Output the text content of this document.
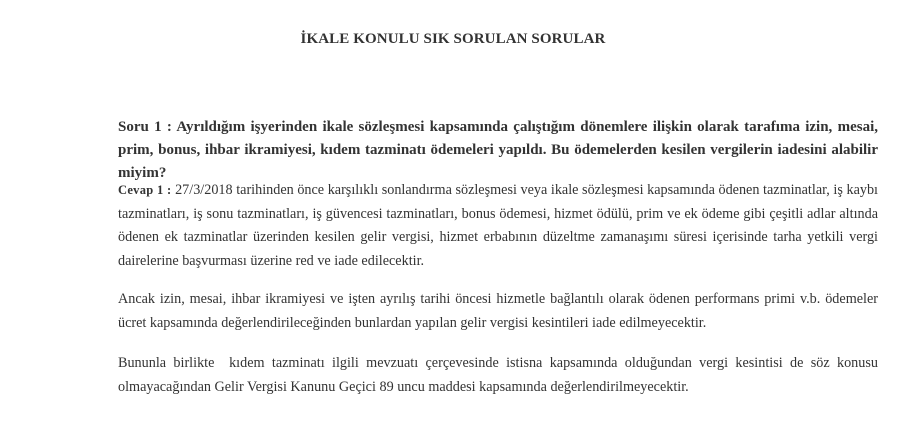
İKALE KONULU SIK SORULAN SORULAR
Soru 1 : Ayrıldığım işyerinden ikale sözleşmesi kapsamında çalıştığım dönemlere ilişkin olarak tarafıma izin, mesai, prim, bonus, ihbar ikramiyesi, kıdem tazminatı ödemeleri yapıldı. Bu ödemelerden kesilen vergilerin iadesini alabilir miyim?
Cevap 1 : 27/3/2018 tarihinden önce karşılıklı sonlandırma sözleşmesi veya ikale sözleşmesi kapsamında ödenen tazminatlar, iş kaybı tazminatları, iş sonu tazminatları, iş güvencesi tazminatları, bonus ödemesi, hizmet ödülü, prim ve ek ödeme gibi çeşitli adlar altında ödenen ek tazminatlar üzerinden kesilen gelir vergisi, hizmet erbabının düzeltme zamanaşımı süresi içerisinde tarha yetkili vergi dairelerine başvurması üzerine red ve iade edilecektir.
Ancak izin, mesai, ihbar ikramiyesi ve işten ayrılış tarihi öncesi hizmetle bağlantılı olarak ödenen performans primi v.b. ödemeler ücret kapsamında değerlendirileceğinden bunlardan yapılan gelir vergisi kesintileri iade edilmeyecektir.
Bununla birlikte  kıdem tazminatı ilgili mevzuatı çerçevesinde istisna kapsamında olduğundan vergi kesintisi de söz konusu olmayacağından Gelir Vergisi Kanunu Geçici 89 uncu maddesi kapsamında değerlendirilmeyecektir.
